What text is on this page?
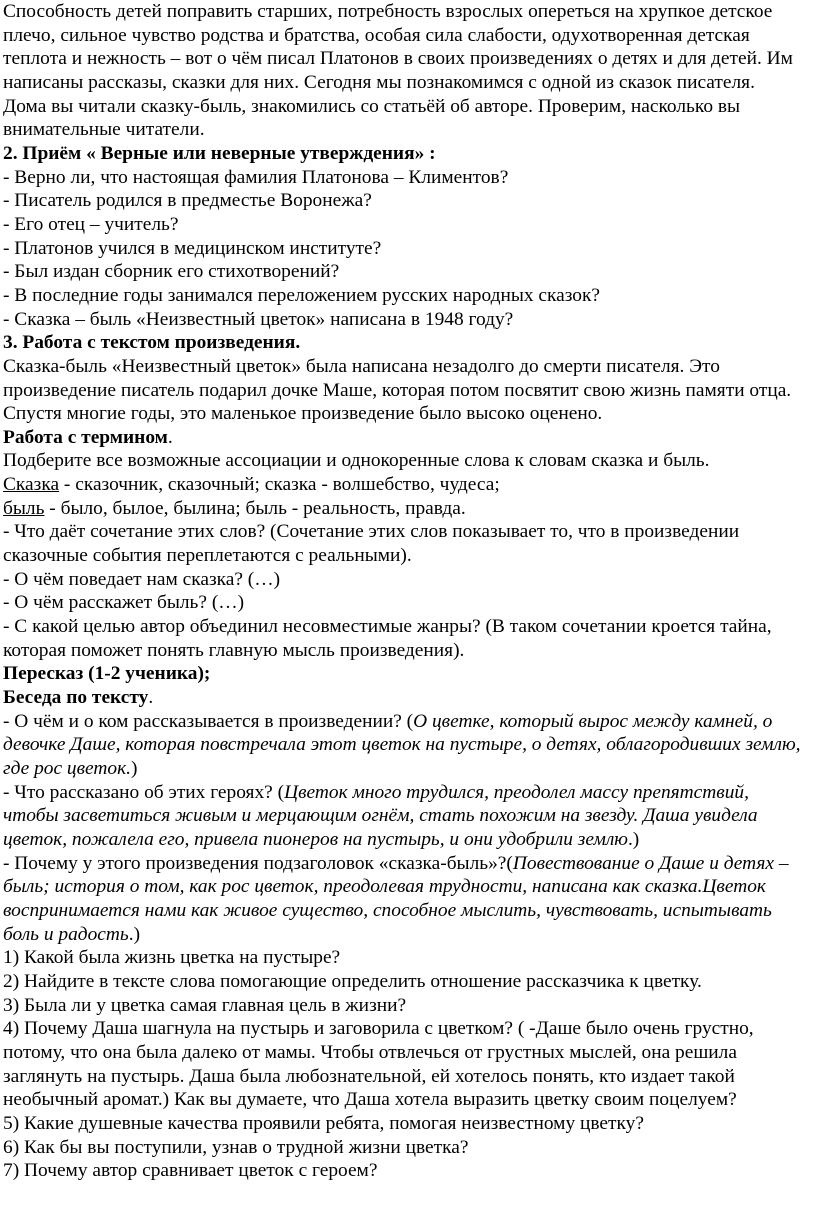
Способность детей поправить старших, потребность взрослых опереться на хрупкое детское плечо, сильное чувство родства и братства, особая сила слабости, одухотворенная детская теплота и нежность – вот о чём писал Платонов в своих произведениях о детях и для детей. Им написаны рассказы, сказки для них. Сегодня мы познакомимся с одной из сказок писателя.

Дома вы читали сказку-быль, знакомились со статьёй об авторе. Проверим, насколько вы внимательные читатели.

2. Приём « Верные или неверные утверждения» :

- Верно ли, что настоящая фамилия Платонова – Климентов?

- Писатель родился в предместье Воронежа?

- Его отец – учитель?

- Платонов учился в медицинском институте?

- Был издан сборник его стихотворений?

- В последние годы занимался переложением русских народных сказок?

- Сказка – быль «Неизвестный цветок» написана в 1948 году?

3. Работа с текстом произведения.

Сказка-быль «Неизвестный цветок» была написана незадолго до смерти писателя. Это произведение писатель подарил дочке Маше, которая потом посвятит свою жизнь памяти отца. Спустя многие годы, это маленькое произведение было высоко оценено.

Работа с термином.

Подберите все возможные ассоциации и однокоренные слова к словам сказка и быль.

Сказка - сказочник, сказочный; сказка - волшебство, чудеса;

быль - было, былое, былина; быль - реальность, правда.

- Что даёт сочетание этих слов? (Сочетание этих слов показывает то, что в произведении сказочные события переплетаются с реальными).

- О чём поведает нам сказка? (…)

- О чём расскажет быль? (…)

- С какой целью автор объединил несовместимые жанры? (В таком сочетании кроется тайна, которая поможет понять главную мысль произведения).

Пересказ (1-2 ученика);

Беседа по тексту.

- О чём и о ком рассказывается в произведении? (О цветке, который вырос между камней, о девочке Даше, которая повстречала этот цветок на пустыре, о детях, облагородивших землю, где рос цветок.)

- Что рассказано об этих героях? (Цветок много трудился, преодолел массу препятствий, чтобы засветиться живым и мерцающим огнём, стать похожим на звезду. Даша увидела цветок, пожалела его, привела пионеров на пустырь, и они удобрили землю.)

- Почему у этого произведения подзаголовок «сказка-быль»?(Повествование о Даше и детях – быль; история о том, как рос цветок, преодолевая трудности, написана как сказка.Цветок воспринимается нами как живое существо, способное мыслить, чувствовать, испытывать боль и радость.)

1) Какой была жизнь цветка на пустыре?

2) Найдите в тексте слова помогающие определить отношение рассказчика к цветку.

3) Была ли у цветка самая главная цель в жизни?

4) Почему Даша шагнула на пустырь и заговорила с цветком? ( -Даше было очень грустно, потому, что она была далеко от мамы. Чтобы отвлечься от грустных мыслей, она решила заглянуть на пустырь. Даша была любознательной, ей хотелось понять, кто издает такой необычный аромат.) Как вы думаете, что Даша хотела выразить цветку своим поцелуем?

5) Какие душевные качества проявили ребята, помогая неизвестному цветку?

6) Как бы вы поступили, узнав о трудной жизни цветка?

7) Почему автор сравнивает цветок с героем?
